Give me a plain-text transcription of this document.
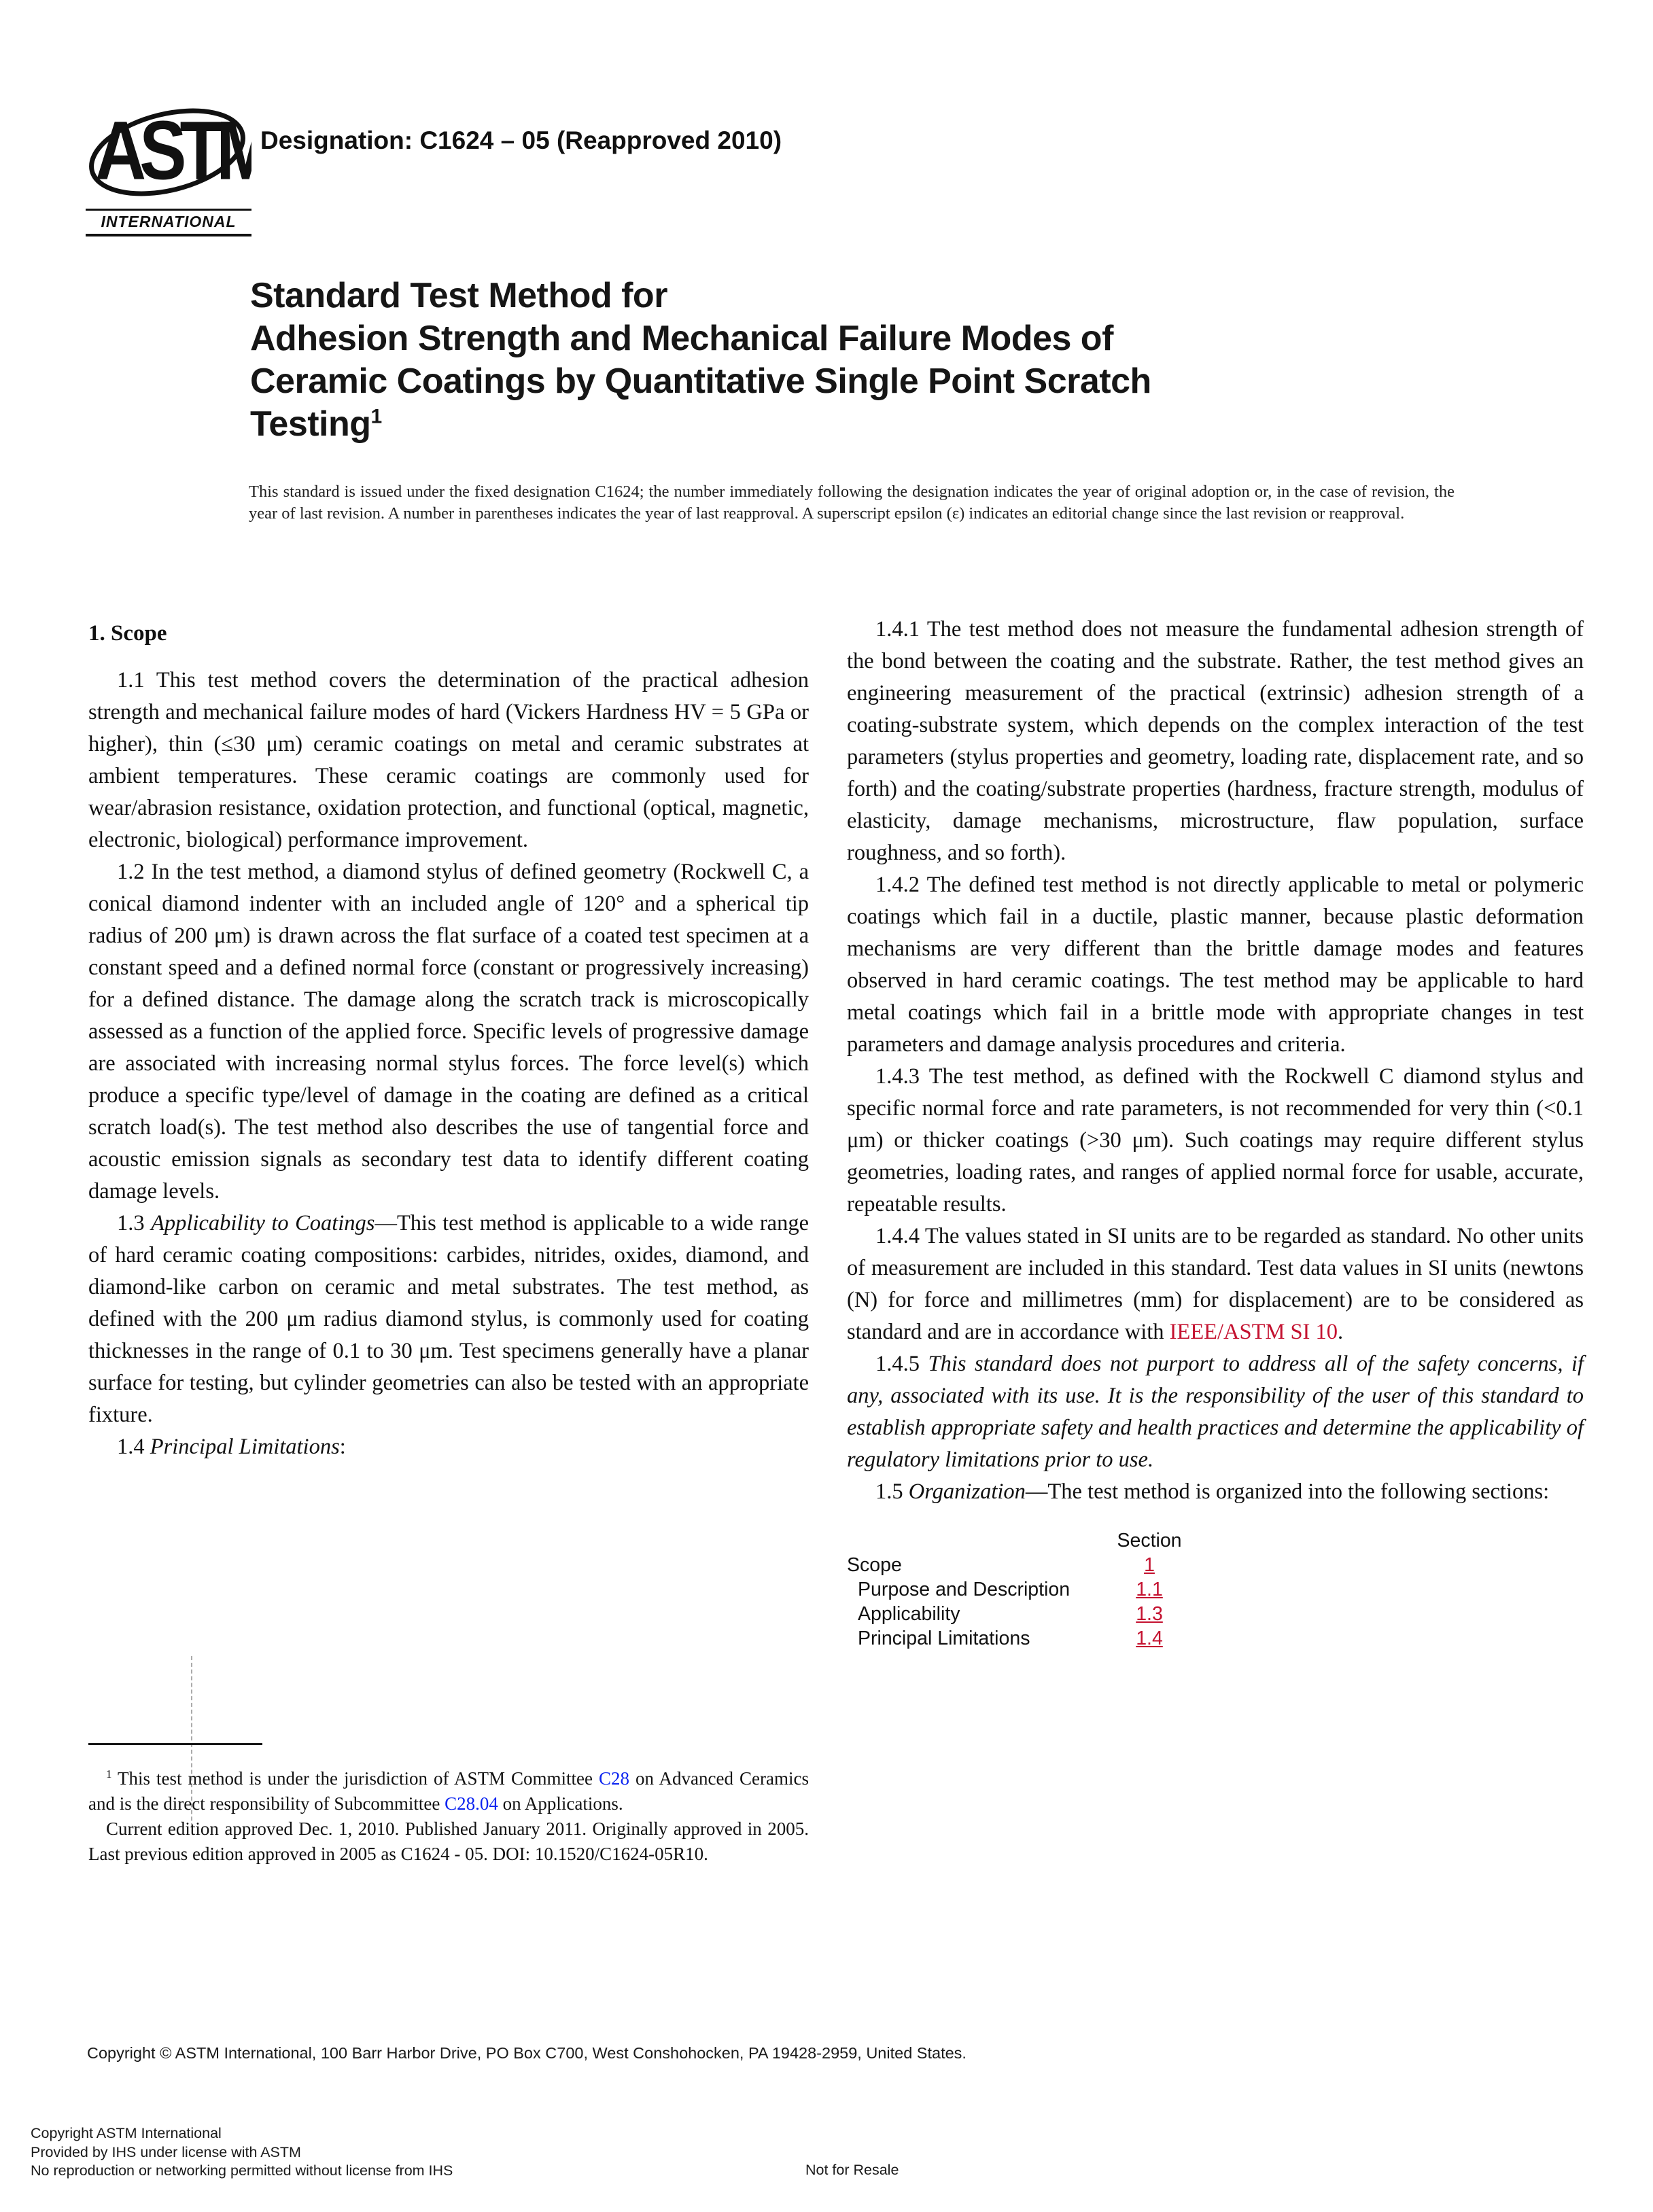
ASTM
INTERNATIONAL
Designation: C1624 – 05 (Reapproved 2010)
Standard Test Method for
Adhesion Strength and Mechanical Failure Modes of
Ceramic Coatings by Quantitative Single Point Scratch
Testing$^1$
This standard is issued under the fixed designation C1624; the number immediately following the designation indicates the year of original adoption or, in the case of revision, the year of last revision. A number in parentheses indicates the year of last reapproval. A superscript epsilon (ε) indicates an editorial change since the last revision or reapproval.
1. Scope

1.1 This test method covers the determination of the practical adhesion strength and mechanical failure modes of hard (Vickers Hardness HV = 5 GPa or higher), thin (≤30 μm) ceramic coatings on metal and ceramic substrates at ambient temperatures. These ceramic coatings are commonly used for wear/abrasion resistance, oxidation protection, and functional (optical, magnetic, electronic, biological) performance improvement.

1.2 In the test method, a diamond stylus of defined geometry (Rockwell C, a conical diamond indenter with an included angle of 120° and a spherical tip radius of 200 μm) is drawn across the flat surface of a coated test specimen at a constant speed and a defined normal force (constant or progressively increasing) for a defined distance. The damage along the scratch track is microscopically assessed as a function of the applied force. Specific levels of progressive damage are associated with increasing normal stylus forces. The force level(s) which produce a specific type/level of damage in the coating are defined as a critical scratch load(s). The test method also describes the use of tangential force and acoustic emission signals as secondary test data to identify different coating damage levels.

1.3 Applicability to Coatings—This test method is applicable to a wide range of hard ceramic coating compositions: carbides, nitrides, oxides, diamond, and diamond-like carbon on ceramic and metal substrates. The test method, as defined with the 200 μm radius diamond stylus, is commonly used for coating thicknesses in the range of 0.1 to 30 μm. Test specimens generally have a planar surface for testing, but cylinder geometries can also be tested with an appropriate fixture.

1.4 Principal Limitations:

1.4.1 The test method does not measure the fundamental adhesion strength of the bond between the coating and the substrate. Rather, the test method gives an engineering measurement of the practical (extrinsic) adhesion strength of a coating-substrate system, which depends on the complex interaction of the test parameters (stylus properties and geometry, loading rate, displacement rate, and so forth) and the coating/substrate properties (hardness, fracture strength, modulus of elasticity, damage mechanisms, microstructure, flaw population, surface roughness, and so forth).

1.4.2 The defined test method is not directly applicable to metal or polymeric coatings which fail in a ductile, plastic manner, because plastic deformation mechanisms are very different than the brittle damage modes and features observed in hard ceramic coatings. The test method may be applicable to hard metal coatings which fail in a brittle mode with appropriate changes in test parameters and damage analysis procedures and criteria.

1.4.3 The test method, as defined with the Rockwell C diamond stylus and specific normal force and rate parameters, is not recommended for very thin (<0.1 μm) or thicker coatings (>30 μm). Such coatings may require different stylus geometries, loading rates, and ranges of applied normal force for usable, accurate, repeatable results.

1.4.4 The values stated in SI units are to be regarded as standard. No other units of measurement are included in this standard. Test data values in SI units (newtons (N) for force and millimetres (mm) for displacement) are to be considered as standard and are in accordance with IEEE/ASTM SI 10.

1.4.5 This standard does not purport to address all of the safety concerns, if any, associated with its use. It is the responsibility of the user of this standard to establish appropriate safety and health practices and determine the applicability of regulatory limitations prior to use.

1.5 Organization—The test method is organized into the following sections:

Section
Scope	1
Purpose and Description	1.1
Applicability	1.3
Principal Limitations	1.4

$^1$ This test method is under the jurisdiction of ASTM Committee C28 on Advanced Ceramics and is the direct responsibility of Subcommittee C28.04 on Applications.

Current edition approved Dec. 1, 2010. Published January 2011. Originally approved in 2005. Last previous edition approved in 2005 as C1624 - 05. DOI: 10.1520/C1624-05R10.

Copyright © ASTM International, 100 Barr Harbor Drive, PO Box C700, West Conshohocken, PA 19428-2959, United States.
Copyright ASTM International
Provided by IHS under license with ASTM
No reproduction or networking permitted without license from IHS	Not for Resale
